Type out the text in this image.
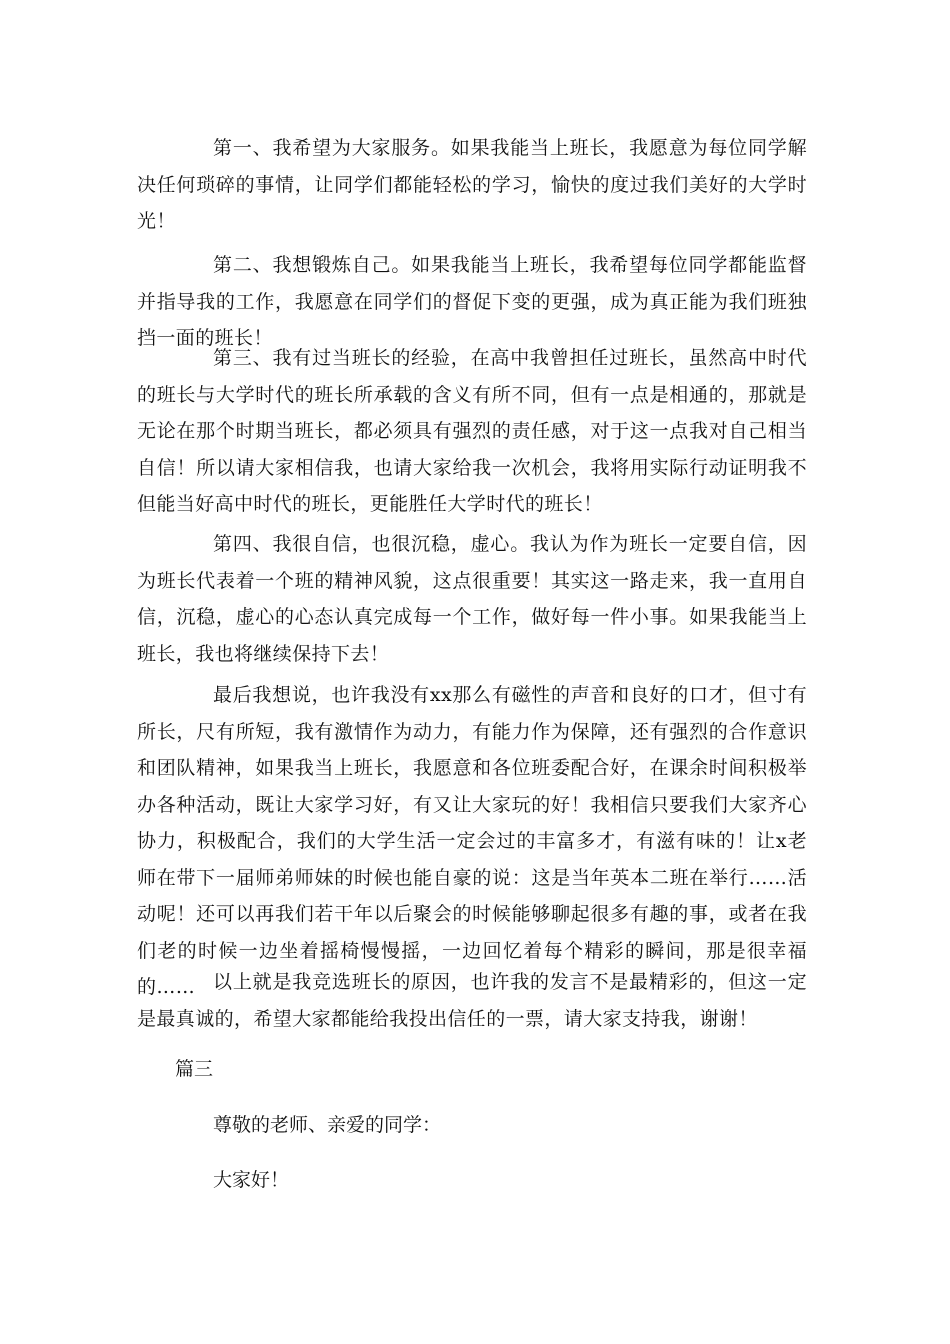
第一、我希望为大家服务。如果我能当上班长，我愿意为每位同学解决任何琐碎的事情，让同学们都能轻松的学习，愉快的度过我们美好的大学时光！

第二、我想锻炼自己。如果我能当上班长，我希望每位同学都能监督并指导我的工作，我愿意在同学们的督促下变的更强，成为真正能为我们班独挡一面的班长！

第三、我有过当班长的经验，在高中我曾担任过班长，虽然高中时代的班长与大学时代的班长所承载的含义有所不同，但有一点是相通的，那就是无论在那个时期当班长，都必须具有强烈的责任感，对于这一点我对自己相当自信！所以请大家相信我，也请大家给我一次机会，我将用实际行动证明我不但能当好高中时代的班长，更能胜任大学时代的班长！

第四、我很自信，也很沉稳，虚心。我认为作为班长一定要自信，因为班长代表着一个班的精神风貌，这点很重要！其实这一路走来，我一直用自信，沉稳，虚心的心态认真完成每一个工作，做好每一件小事。如果我能当上班长，我也将继续保持下去！

最后我想说，也许我没有xx那么有磁性的声音和良好的口才，但寸有所长，尺有所短，我有激情作为动力，有能力作为保障，还有强烈的合作意识和团队精神，如果我当上班长，我愿意和各位班委配合好，在课余时间积极举办各种活动，既让大家学习好，有又让大家玩的好！我相信只要我们大家齐心协力，积极配合，我们的大学生活一定会过的丰富多才，有滋有味的！让x老师在带下一届师弟师妹的时候也能自豪的说：这是当年英本二班在举行……活动呢！还可以再我们若干年以后聚会的时候能够聊起很多有趣的事，或者在我们老的时候一边坐着摇椅慢慢摇，一边回忆着每个精彩的瞬间，那是很幸福的…… 以上就是我竞选班长的原因，也许我的发言不是最精彩的，但这一定是最真诚的，希望大家都能给我投出信任的一票，请大家支持我，谢谢！

篇三

尊敬的老师、亲爱的同学：

大家好！
